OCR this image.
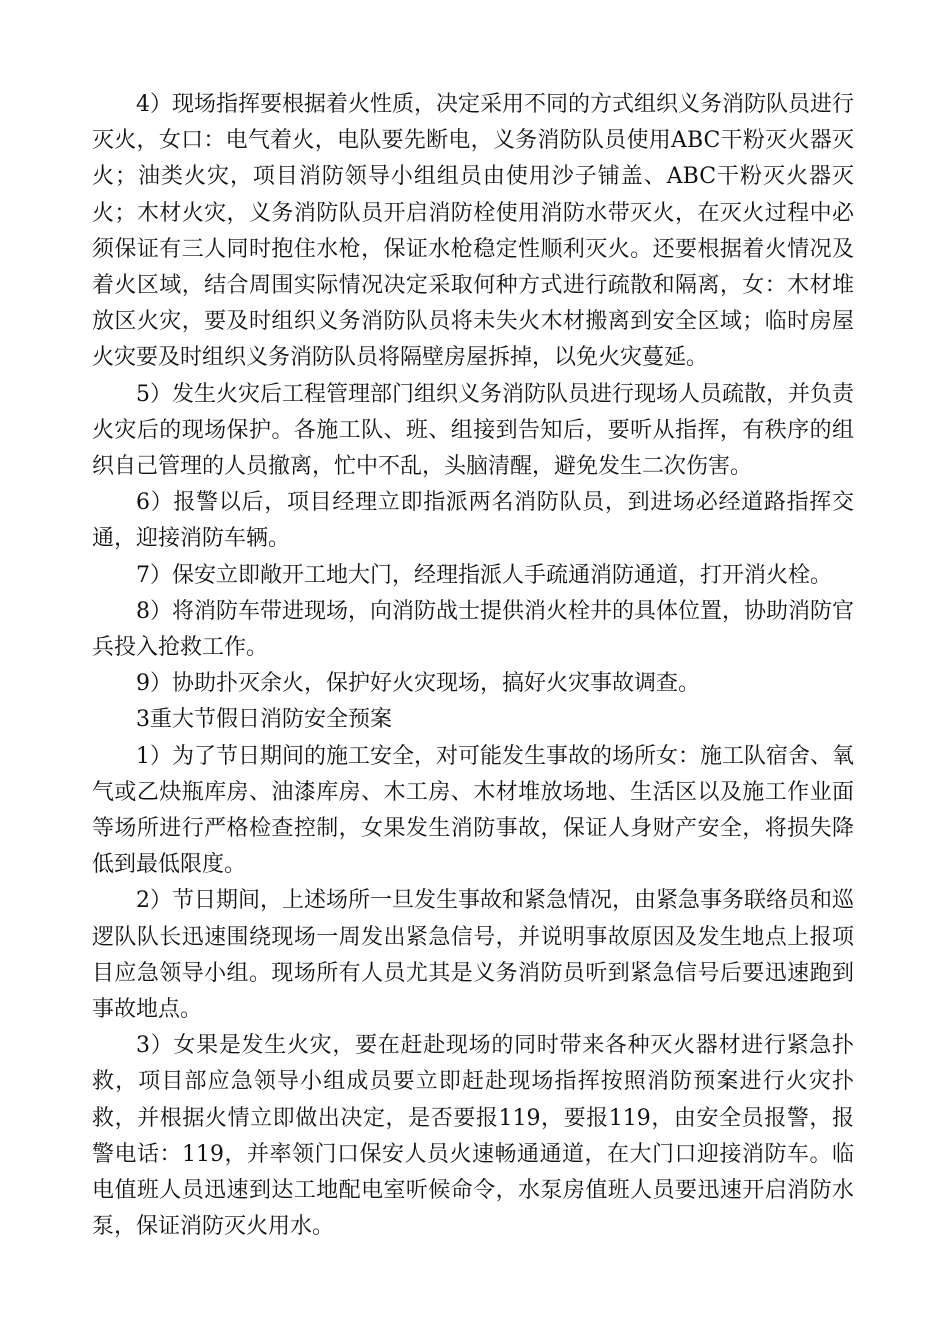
4）现场指挥要根据着火性质，决定采用不同的方式组织义务消防队员进行灭火，女口：电气着火，电队要先断电，义务消防队员使用ABC干粉灭火器灭火；油类火灾，项目消防领导小组组员由使用沙子铺盖、ABC干粉灭火器灭火；木材火灾，义务消防队员开启消防栓使用消防水带灭火，在灭火过程中必须保证有三人同时抱住水枪，保证水枪稳定性顺利灭火。还要根据着火情况及着火区域，结合周围实际情况决定采取何种方式进行疏散和隔离，女：木材堆放区火灾，要及时组织义务消防队员将未失火木材搬离到安全区域；临时房屋火灾要及时组织义务消防队员将隔壁房屋拆掉，以免火灾蔓延。

5）发生火灾后工程管理部门组织义务消防队员进行现场人员疏散，并负责火灾后的现场保护。各施工队、班、组接到告知后，要听从指挥，有秩序的组织自己管理的人员撤离，忙中不乱，头脑清醒，避免发生二次伤害。

6）报警以后，项目经理立即指派两名消防队员，到进场必经道路指挥交通，迎接消防车辆。

7）保安立即敞开工地大门，经理指派人手疏通消防通道，打开消火栓。

8）将消防车带进现场，向消防战士提供消火栓井的具体位置，协助消防官兵投入抢救工作。

9）协助扑灭余火，保护好火灾现场，搞好火灾事故调查。

3重大节假日消防安全预案

1）为了节日期间的施工安全，对可能发生事故的场所女：施工队宿舍、氧气或乙炔瓶库房、油漆库房、木工房、木材堆放场地、生活区以及施工作业面等场所进行严格检查控制，女果发生消防事故，保证人身财产安全，将损失降低到最低限度。

2）节日期间，上述场所一旦发生事故和紧急情况，由紧急事务联络员和巡逻队队长迅速围绕现场一周发出紧急信号，并说明事故原因及发生地点上报项目应急领导小组。现场所有人员尤其是义务消防员听到紧急信号后要迅速跑到事故地点。

3）女果是发生火灾，要在赶赴现场的同时带来各种灭火器材进行紧急扑救，项目部应急领导小组成员要立即赶赴现场指挥按照消防预案进行火灾扑救，并根据火情立即做出决定，是否要报119，要报119，由安全员报警，报警电话：119，并率领门口保安人员火速畅通通道，在大门口迎接消防车。临电值班人员迅速到达工地配电室听候命令，水泵房值班人员要迅速开启消防水泵，保证消防灭火用水。
